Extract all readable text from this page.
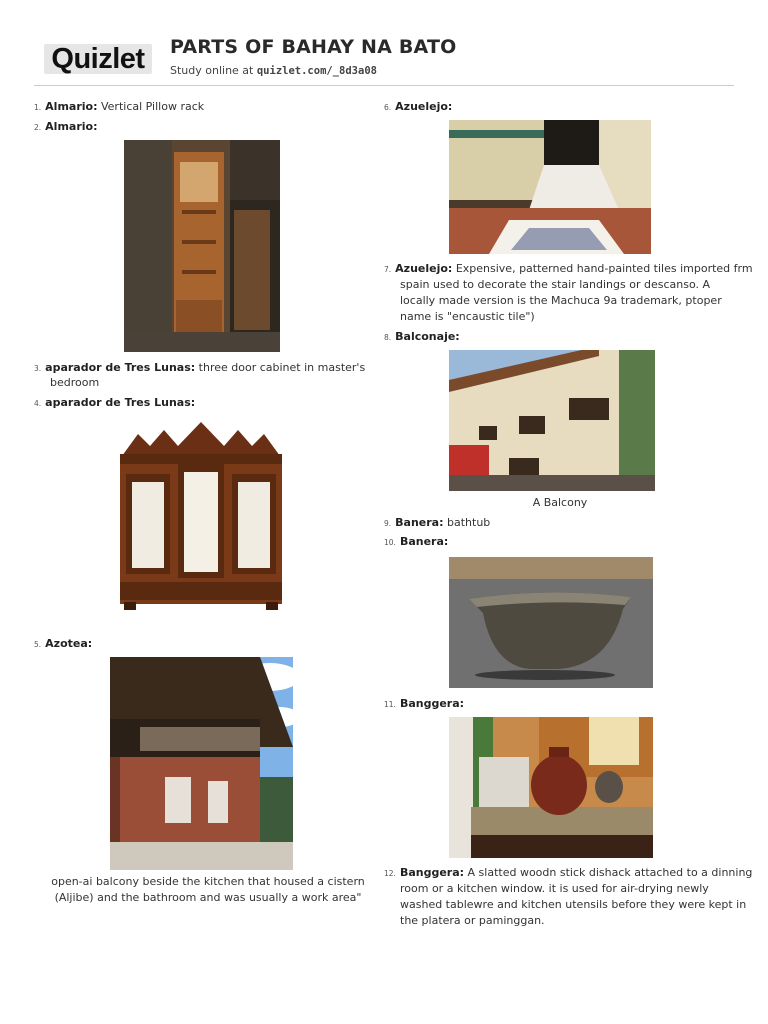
Quizlet	PARTS OF BAHAY NA BATO
Study online at quizlet.com/_8d3a08
1. Almario: Vertical Pillow rack
2. Almario:
3. aparador de Tres Lunas: three door cabinet in master's
bedroom
4. aparador de Tres Lunas:
5. Azotea:
open-ai balcony beside the kitchen that housed a cistern
(Aljibe) and the bathroom and was usually a work area"
6. Azuelejo:
7. Azuelejo: Expensive, patterned hand-painted tiles imported frm
spain used to decorate the stair landings or descanso. A
locally made version is the Machuca 9a trademark, ptoper
name is "encaustic tile")
8. Balconaje:
A Balcony
9. Banera: bathtub
10. Banera:
11. Banggera:
12. Banggera: A slatted woodn stick dishack attached to a dinning
room or a kitchen window. it is used for air-drying newly
washed tablewre and kitchen utensils before they were kept in
the platera or paminggan.
